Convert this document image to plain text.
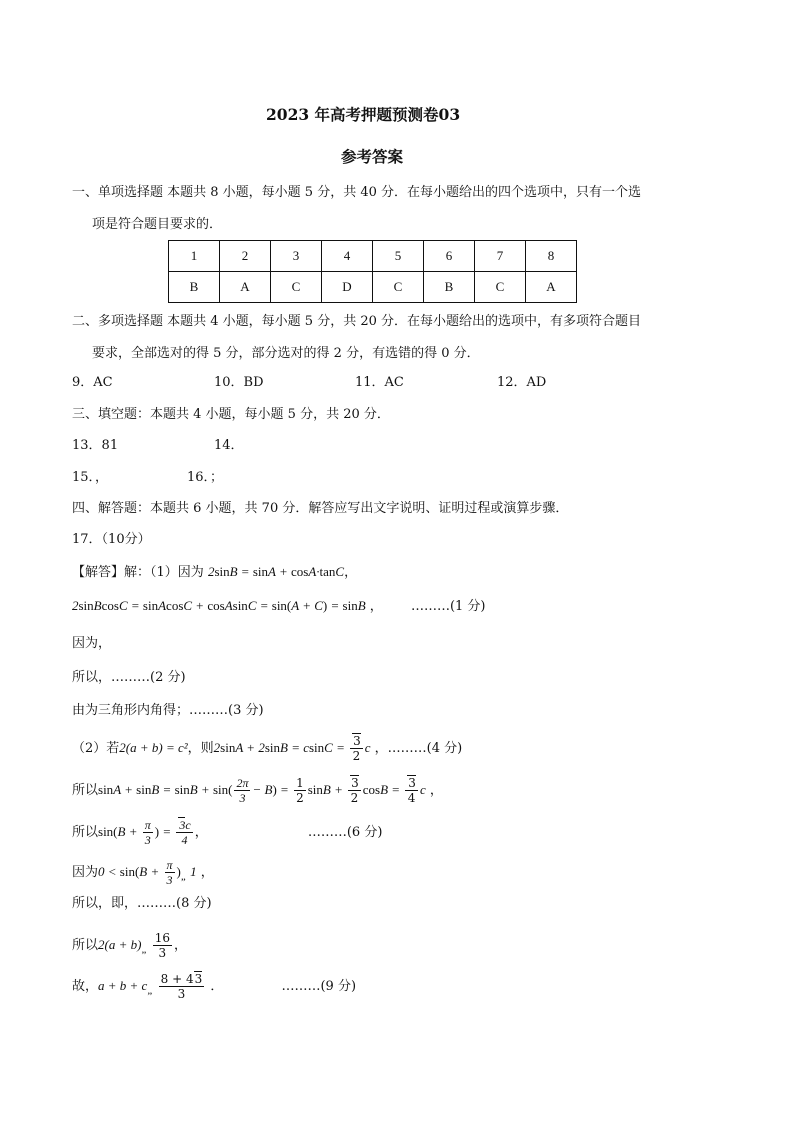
2023 年高考押题预测卷03
参考答案
一、单项选择题 本题共 8 小题，每小题 5 分，共 40 分．在每小题给出的四个选项中，只有一个选
项是符合题目要求的．
1	2	3	4	5	6	7	8
B	A	C	D	C	B	C	A
二、多项选择题 本题共 4 小题，每小题 5 分，共 20 分．在每小题给出的选项中，有多项符合题目
要求，全部选对的得 5 分，部分选对的得 2 分，有选错的得 0 分．
9．AC	10．BD	11．AC	12．AD
三、填空题：本题共 4 小题，每小题 5 分，共 20 分．
13．81	14．
15．，	16．；
四、解答题：本题共 6 小题，共 70 分．解答应写出文字说明、证明过程或演算步骤．
17．（10分）
【解答】解：（1）因为 2sinB = sinA + cosA·tanC，
2sinBcosC = sinAcosC + cosAsinC = sin(A + C) = sinB ， ………(1 分)
因为，
所以，………(2 分)
由为三角形内角得；………(3 分)
（2）若2(a + b) = c²，则$2\sin A + 2\sin B = csinC = \frac{3}{2}$ c ，………(4 分)
所以$\sin A + \sin B = \sin B + \sin( \frac{2\pi}{3} - B) = \frac{1}{2}$ $\sin B + \frac{3}{2}$ $\cos B = \frac{3}{4}$ c ，
所以$\sin(B + \frac{\pi}{3}$ ) = $\frac{3c}{4}$ ，	………(6 分)
因为$0 < \sin(B + \frac{\pi}{3} )_„$ 1 ，
所以，即，………(8 分)
所以$2(a + b)_„ \frac{16}{3}$ ，
故，$a + b + c_„ \frac{8 + 43}{3}$ ．	………(9 分)
